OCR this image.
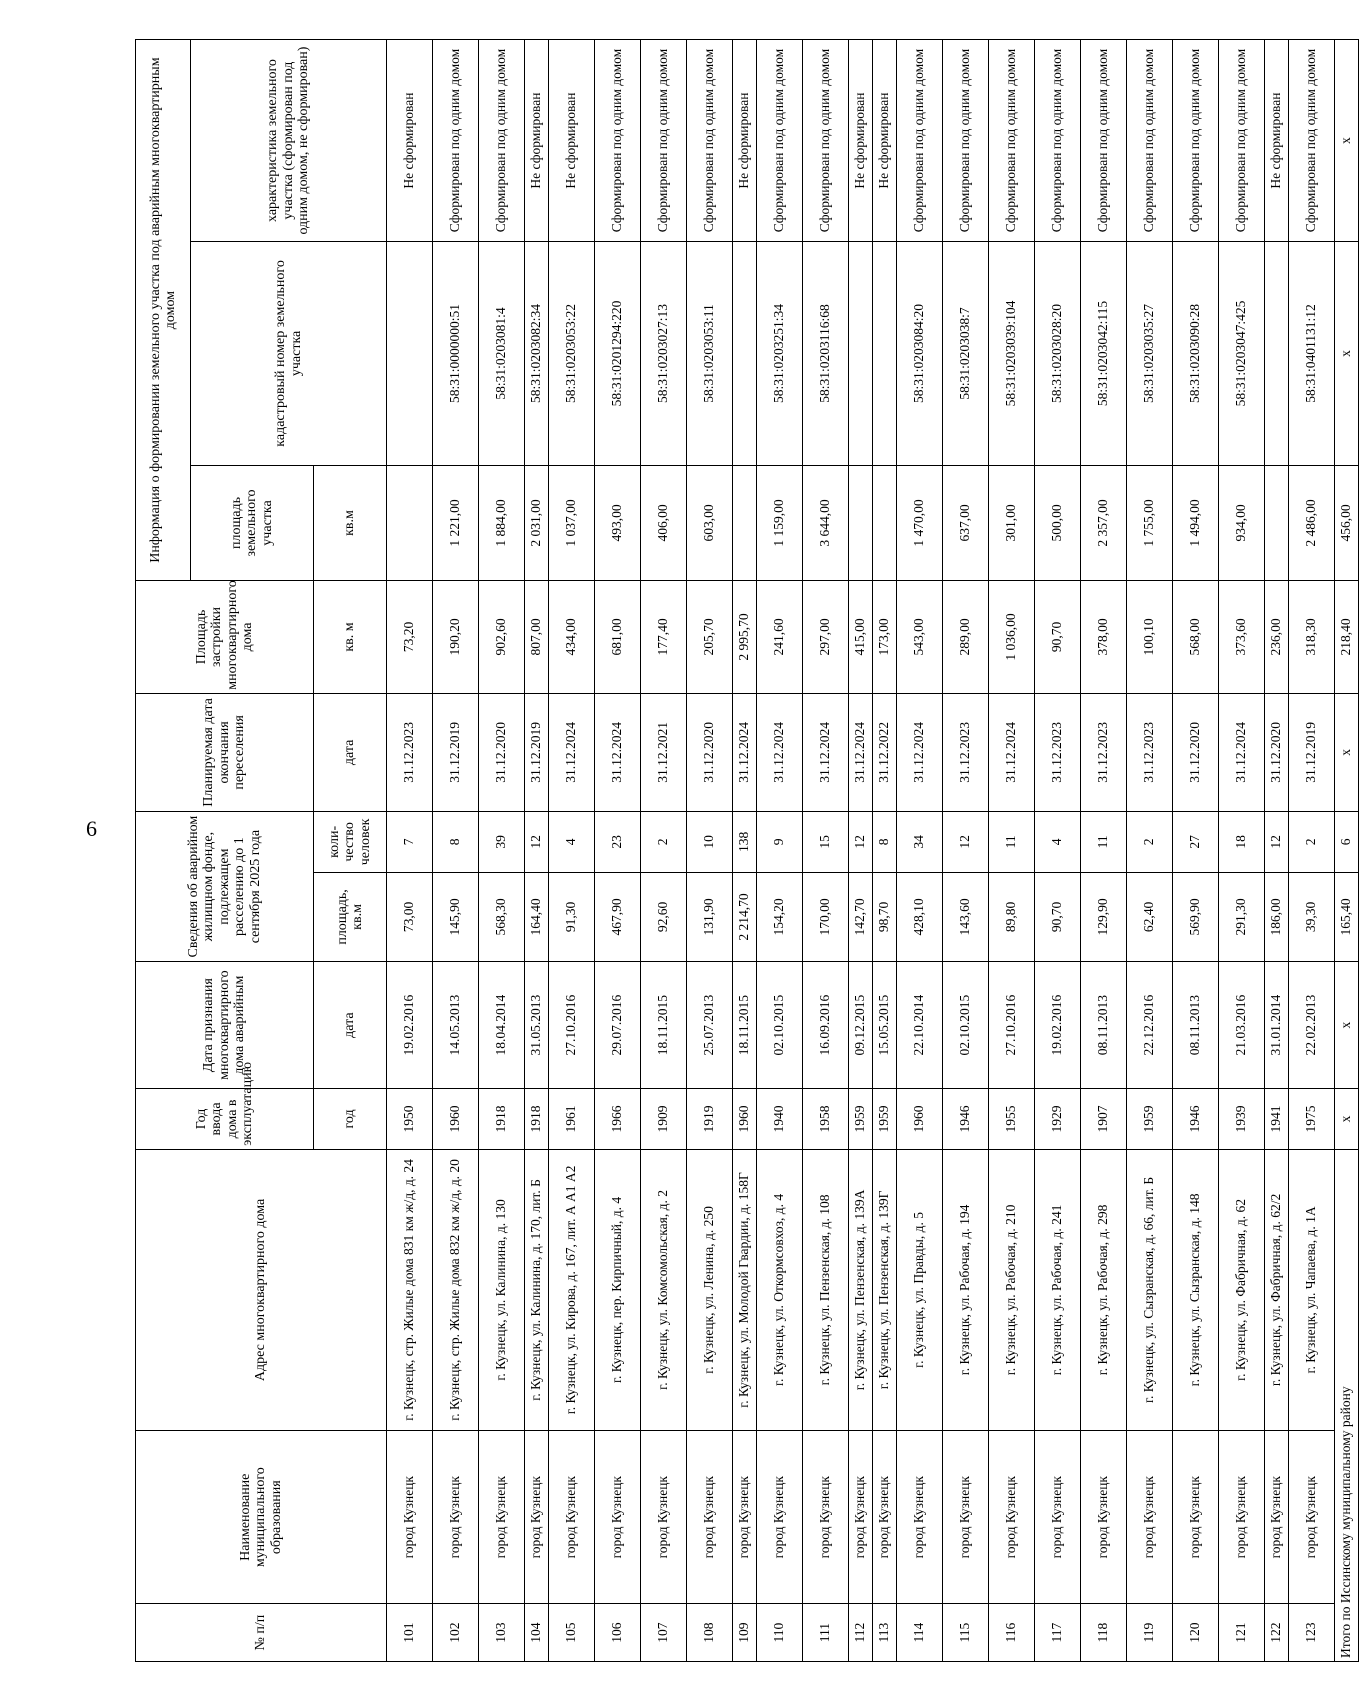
6
№ п/п	Наименование муниципального образования	Адрес многоквартирного дома	Год ввода дома в эксплуатацию	Дата признания многоквартирного дома аварийным	Сведения об аварийном жилищном фонде, подлежащем расселению до 1 сентября 2025 года		Планируемая дата окончания переселения	Площадь застройки многоквартирного дома	Информация о формировании земельного участка под аварийным многоквартирным домом		
									площадь земельного участка	кадастровый номер земельного участка	характеристика земельного участка (сформирован под одним домом, не сформирован)
			год	дата	площадь, кв.м	коли-чество человек	дата	кв. м	кв.м		
101	город Кузнецк	г. Кузнецк, стр. Жилые дома 831 км ж/д, д. 24	1950	19.02.2016	73,00	7	31.12.2023	73,20			Не сформирован
102	город Кузнецк	г. Кузнецк, стр. Жилые дома 832 км ж/д, д. 20	1960	14.05.2013	145,90	8	31.12.2019	190,20	1 221,00	58:31:0000000:51	Сформирован под одним домом
103	город Кузнецк	г. Кузнецк, ул. Калинина, д. 130	1918	18.04.2014	568,30	39	31.12.2020	902,60	1 884,00	58:31:0203081:4	Сформирован под одним домом
104	город Кузнецк	г. Кузнецк, ул. Калинина, д. 170, лит. Б	1918	31.05.2013	164,40	12	31.12.2019	807,00	2 031,00	58:31:0203082:34	Не сформирован
105	город Кузнецк	г. Кузнецк, ул. Кирова, д. 167, лит. А А1 А2	1961	27.10.2016	91,30	4	31.12.2024	434,00	1 037,00	58:31:0203053:22	Не сформирован
106	город Кузнецк	г. Кузнецк, пер. Кирпичный, д. 4	1966	29.07.2016	467,90	23	31.12.2024	681,00	493,00	58:31:0201294:220	Сформирован под одним домом
107	город Кузнецк	г. Кузнецк, ул. Комсомольская, д. 2	1909	18.11.2015	92,60	2	31.12.2021	177,40	406,00	58:31:0203027:13	Сформирован под одним домом
108	город Кузнецк	г. Кузнецк, ул. Ленина, д. 250	1919	25.07.2013	131,90	10	31.12.2020	205,70	603,00	58:31:0203053:11	Сформирован под одним домом
109	город Кузнецк	г. Кузнецк, ул. Молодой Гвардии, д. 158Г	1960	18.11.2015	2 214,70	138	31.12.2024	2 995,70			Не сформирован
110	город Кузнецк	г. Кузнецк, ул. Откормсовхоз, д. 4	1940	02.10.2015	154,20	9	31.12.2024	241,60	1 159,00	58:31:0203251:34	Сформирован под одним домом
111	город Кузнецк	г. Кузнецк, ул. Пензенская, д. 108	1958	16.09.2016	170,00	15	31.12.2024	297,00	3 644,00	58:31:0203116:68	Сформирован под одним домом
112	город Кузнецк	г. Кузнецк, ул. Пензенская, д. 139А	1959	09.12.2015	142,70	12	31.12.2024	415,00			Не сформирован
113	город Кузнецк	г. Кузнецк, ул. Пензенская, д. 139Г	1959	15.05.2015	98,70	8	31.12.2022	173,00			Не сформирован
114	город Кузнецк	г. Кузнецк, ул. Правды, д. 5	1960	22.10.2014	428,10	34	31.12.2024	543,00	1 470,00	58:31:0203084:20	Сформирован под одним домом
115	город Кузнецк	г. Кузнецк, ул. Рабочая, д. 194	1946	02.10.2015	143,60	12	31.12.2023	289,00	637,00	58:31:0203038:7	Сформирован под одним домом
116	город Кузнецк	г. Кузнецк, ул. Рабочая, д. 210	1955	27.10.2016	89,80	11	31.12.2024	1 036,00	301,00	58:31:0203039:104	Сформирован под одним домом
117	город Кузнецк	г. Кузнецк, ул. Рабочая, д. 241	1929	19.02.2016	90,70	4	31.12.2023	90,70	500,00	58:31:0203028:20	Сформирован под одним домом
118	город Кузнецк	г. Кузнецк, ул. Рабочая, д. 298	1907	08.11.2013	129,90	11	31.12.2023	378,00	2 357,00	58:31:0203042:115	Сформирован под одним домом
119	город Кузнецк	г. Кузнецк, ул. Сызранская, д. 66, лит. Б	1959	22.12.2016	62,40	2	31.12.2023	100,10	1 755,00	58:31:0203035:27	Сформирован под одним домом
120	город Кузнецк	г. Кузнецк, ул. Сызранская, д. 148	1946	08.11.2013	569,90	27	31.12.2020	568,00	1 494,00	58:31:0203090:28	Сформирован под одним домом
121	город Кузнецк	г. Кузнецк, ул. Фабричная, д. 62	1939	21.03.2016	291,30	18	31.12.2024	373,60	934,00	58:31:0203047:425	Сформирован под одним домом
122	город Кузнецк	г. Кузнецк, ул. Фабричная, д. 62/2	1941	31.01.2014	186,00	12	31.12.2020	236,00			Не сформирован
123	город Кузнецк	г. Кузнецк, ул. Чапаева, д. 1А	1975	22.02.2013	39,30	2	31.12.2019	318,30	2 486,00	58:31:0401131:12	Сформирован под одним домом
Итого по Иссинскому муниципальному району			х	х	165,40	6	х	218,40	456,00	х	х
